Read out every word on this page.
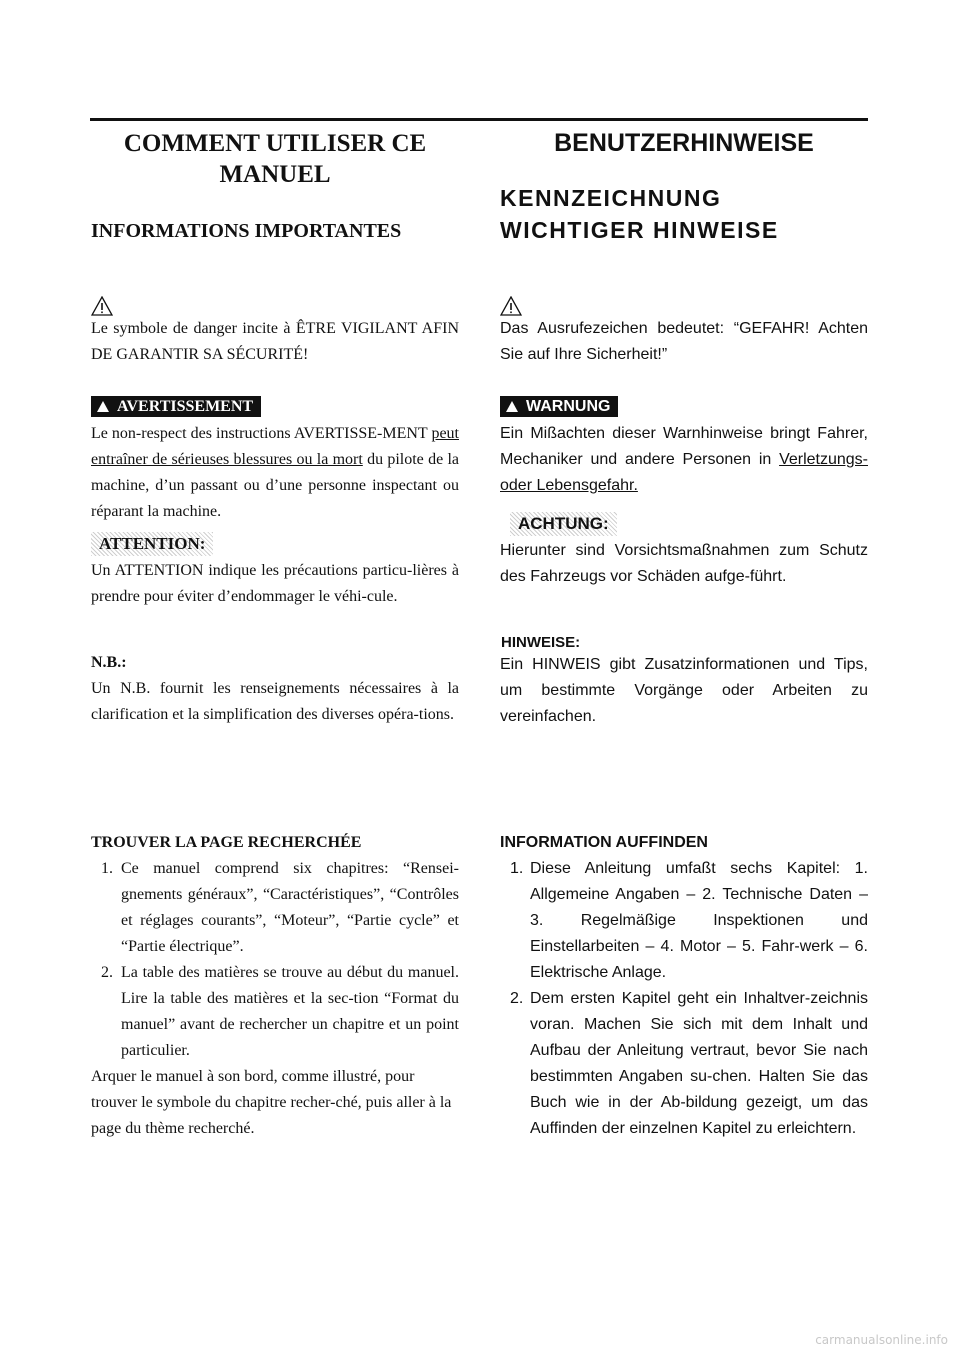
COMMENT UTILISER CE
MANUEL
INFORMATIONS IMPORTANTES
Le symbole de danger incite à ÊTRE VIGILANT AFIN DE GARANTIR SA SÉCURITÉ!
AVERTISSEMENT
Le non-respect des instructions AVERTISSE-MENT peut entraîner de sérieuses blessures ou la mort du pilote de la machine, d’un passant ou d’une personne inspectant ou réparant la machine.
ATTENTION:
Un ATTENTION indique les précautions particu-lières à prendre pour éviter d’endommager le véhi-cule.
N.B.:
Un N.B. fournit les renseignements nécessaires à la clarification et la simplification des diverses opéra-tions.
TROUVER LA PAGE RECHERCHÉE
1. Ce manuel comprend six chapitres: “Rensei-gnements généraux”, “Caractéristiques”, “Contrôles et réglages courants”, “Moteur”, “Partie cycle” et “Partie électrique”.
2. La table des matières se trouve au début du manuel. Lire la table des matières et la sec-tion “Format du manuel” avant de rechercher un chapitre et un point particulier.
Arquer le manuel à son bord, comme illustré, pour trouver le symbole du chapitre recher-ché, puis aller à la page du thème recherché.
BENUTZERHINWEISE
KENNZEICHNUNG
WICHTIGER HINWEISE
Das Ausrufezeichen bedeutet: “GEFAHR! Achten Sie auf Ihre Sicherheit!”
WARNUNG
Ein Mißachten dieser Warnhinweise bringt Fahrer, Mechaniker und andere Personen in Verletzungs- oder Lebensgefahr.
ACHTUNG:
Hierunter sind Vorsichtsmaßnahmen zum Schutz des Fahrzeugs vor Schäden aufge-führt.
HINWEISE:
Ein HINWEIS gibt Zusatzinformationen und Tips, um bestimmte Vorgänge oder Arbeiten zu vereinfachen.
INFORMATION AUFFINDEN
1. Diese Anleitung umfaßt sechs Kapitel: 1. Allgemeine Angaben – 2. Technische Daten – 3. Regelmäßige Inspektionen und Einstellarbeiten – 4. Motor – 5. Fahr-werk – 6. Elektrische Anlage.
2. Dem ersten Kapitel geht ein Inhaltver-zeichnis voran. Machen Sie sich mit dem Inhalt und Aufbau der Anleitung vertraut, bevor Sie nach bestimmten Angaben su-chen. Halten Sie das Buch wie in der Ab-bildung gezeigt, um das Auffinden der einzelnen Kapitel zu erleichtern.
carmanualsonline.info
